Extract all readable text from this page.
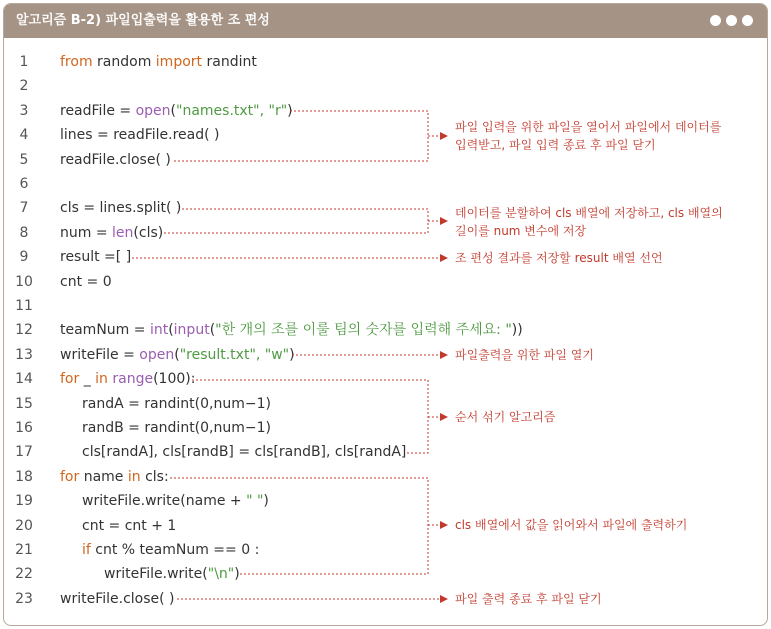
알고리즘 B-2) 파일입출력을 활용한 조 편성
1	from random import randint
2
3	readFile = open("names.txt", "r")
4	lines = readFile.read( )
5	readFile.close( )
6
7	cls = lines.split( )
8	num = len(cls)
9	result =[ ]
10	cnt = 0
11
12	teamNum = int(input("한 개의 조를 이룰 팀의 숫자를 입력해 주세요: "))
13	writeFile = open("result.txt", "w")
14	for _ in range(100):
15	randA = randint(0,num−1)
16	randB = randint(0,num−1)
17	cls[randA], cls[randB] = cls[randB], cls[randA]
18	for name in cls:
19	writeFile.write(name + " ")
20	cnt = cnt + 1
21	if cnt % teamNum == 0 :
22	writeFile.write("\n")
23	writeFile.close( )
파일 입력을 위한 파일을 열어서 파일에서 데이터를
입력받고, 파일 입력 종료 후 파일 닫기
데이터를 분할하여 cls 배열에 저장하고, cls 배열의
길이를 num 변수에 저장
조 편성 결과를 저장할 result 배열 선언
파일출력을 위한 파일 열기
순서 섞기 알고리즘
cls 배열에서 값을 읽어와서 파일에 출력하기
파일 출력 종료 후 파일 닫기
